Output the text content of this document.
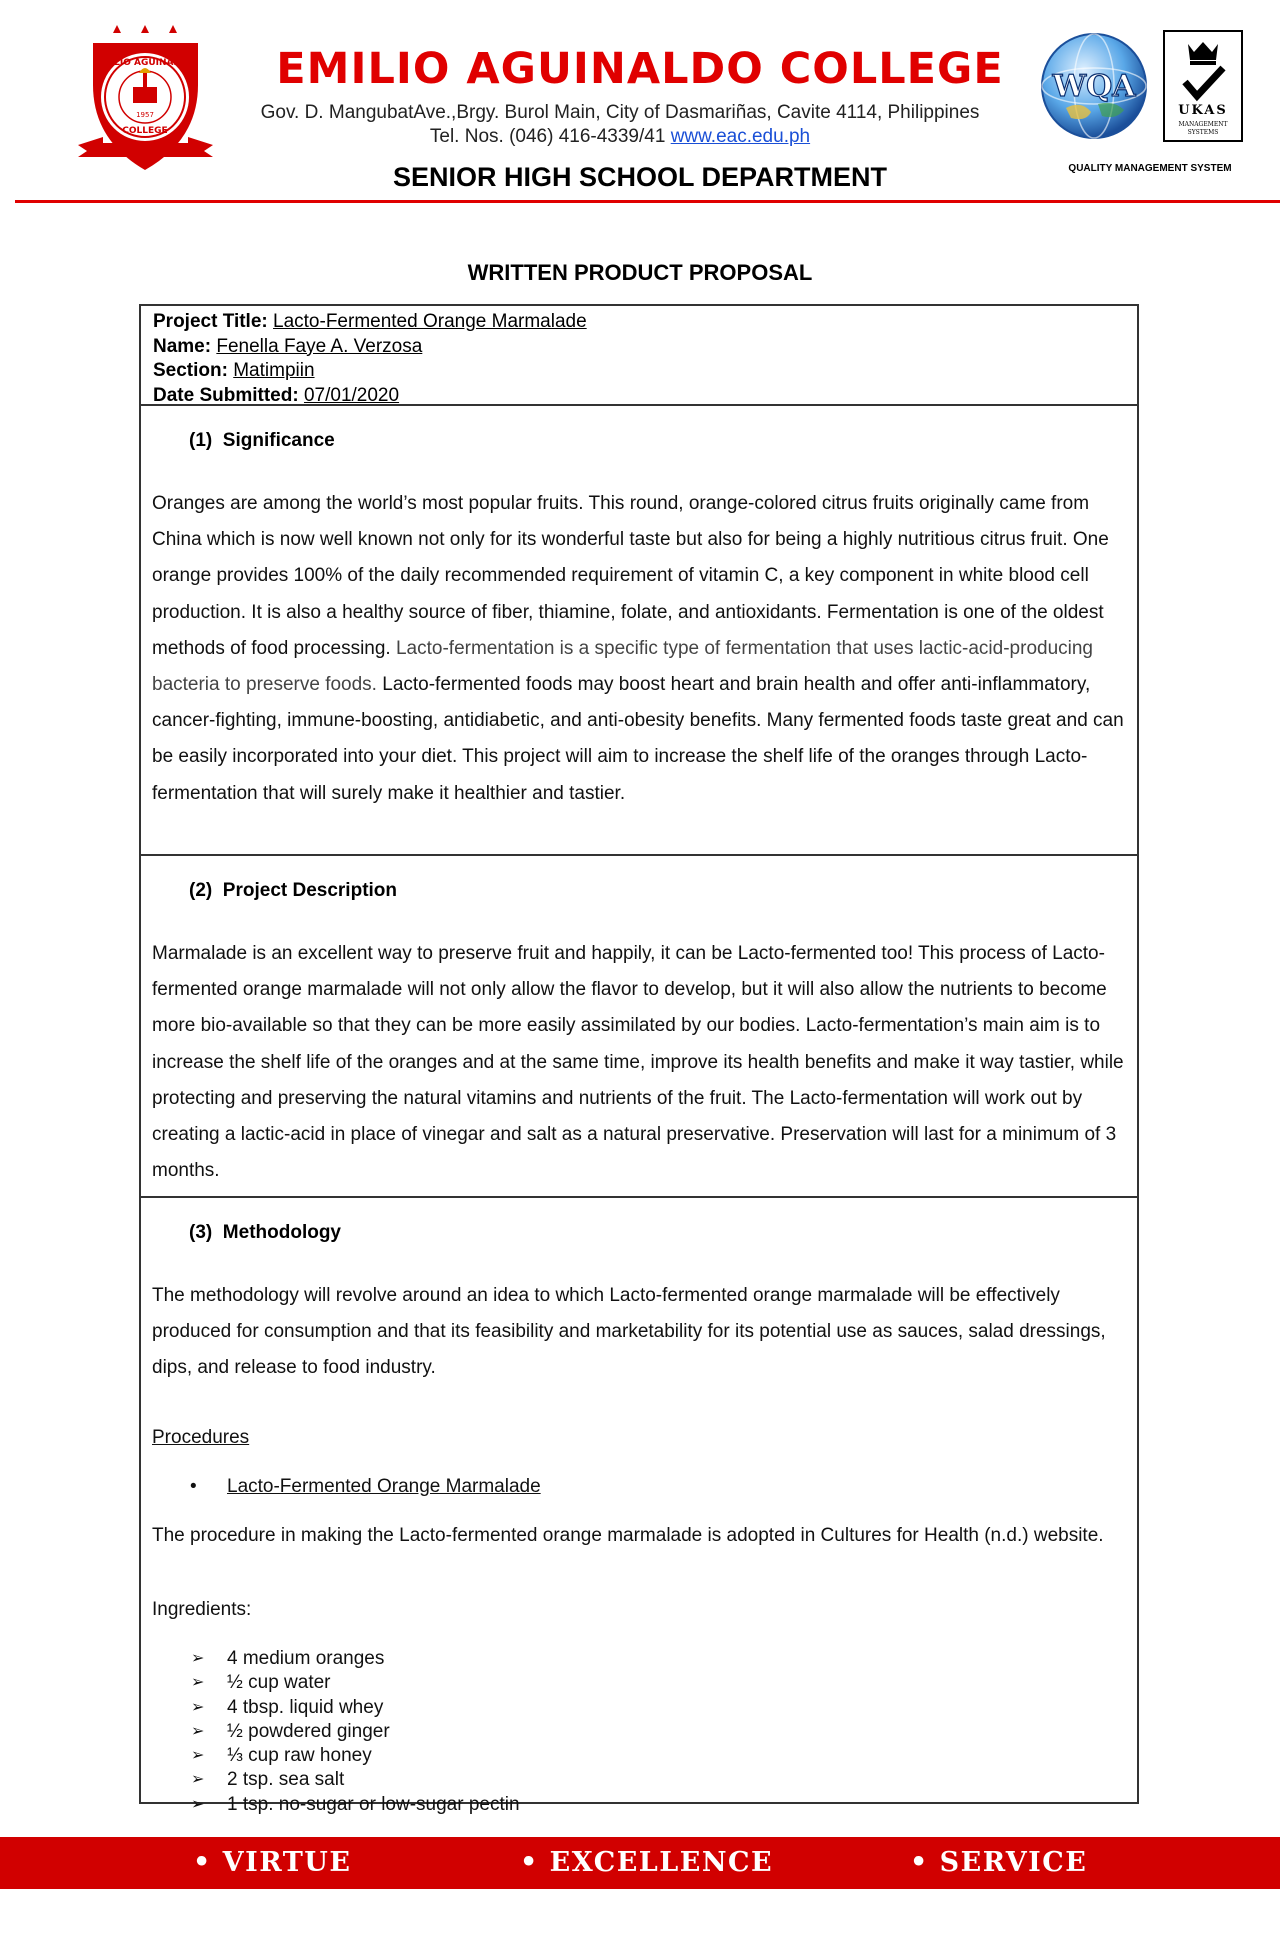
EMILIO AGUINALDO
COLLEGE
1957
EMILIO AGUINALDO COLLEGE
Gov. D. MangubatAve.,Brgy. Burol Main, City of Dasmariñas, Cavite 4114, Philippines
Tel. Nos. (046) 416-4339/41 www.eac.edu.ph
SENIOR HIGH SCHOOL DEPARTMENT
WQA
UKAS
MANAGEMENT
SYSTEMS
QUALITY MANAGEMENT SYSTEM
WRITTEN PRODUCT PROPOSAL
Project Title: Lacto-Fermented Orange Marmalade
Name: Fenella Faye A. Verzosa
Section: Matimpiin
Date Submitted: 07/01/2020
(1) Significance
Oranges are among the world’s most popular fruits. This round, orange-colored citrus fruits originally came from China which is now well known not only for its wonderful taste but also for being a highly nutritious citrus fruit. One orange provides 100% of the daily recommended requirement of vitamin C, a key component in white blood cell production. It is also a healthy source of fiber, thiamine, folate, and antioxidants. Fermentation is one of the oldest methods of food processing. Lacto-fermentation is a specific type of fermentation that uses lactic-acid-producing bacteria to preserve foods. Lacto-fermented foods may boost heart and brain health and offer anti-inflammatory, cancer-fighting, immune-boosting, antidiabetic, and anti-obesity benefits. Many fermented foods taste great and can be easily incorporated into your diet. This project will aim to increase the shelf life of the oranges through Lacto-fermentation that will surely make it healthier and tastier.
(2) Project Description
Marmalade is an excellent way to preserve fruit and happily, it can be Lacto-fermented too! This process of Lacto-fermented orange marmalade will not only allow the flavor to develop, but it will also allow the nutrients to become more bio-available so that they can be more easily assimilated by our bodies. Lacto-fermentation’s main aim is to increase the shelf life of the oranges and at the same time, improve its health benefits and make it way tastier, while protecting and preserving the natural vitamins and nutrients of the fruit. The Lacto-fermentation will work out by creating a lactic-acid in place of vinegar and salt as a natural preservative. Preservation will last for a minimum of 3 months.
(3) Methodology
The methodology will revolve around an idea to which Lacto-fermented orange marmalade will be effectively produced for consumption and that its feasibility and marketability for its potential use as sauces, salad dressings, dips, and release to food industry.
Procedures
• Lacto-Fermented Orange Marmalade
The procedure in making the Lacto-fermented orange marmalade is adopted in Cultures for Health (n.d.) website.
Ingredients:
➢ 4 medium oranges
➢ ½ cup water
➢ 4 tbsp. liquid whey
➢ ½ powdered ginger
➢ ⅓ cup raw honey
➢ 2 tsp. sea salt
➢ 1 tsp. no-sugar or low-sugar pectin
• VIRTUE	• EXCELLENCE	• SERVICE
